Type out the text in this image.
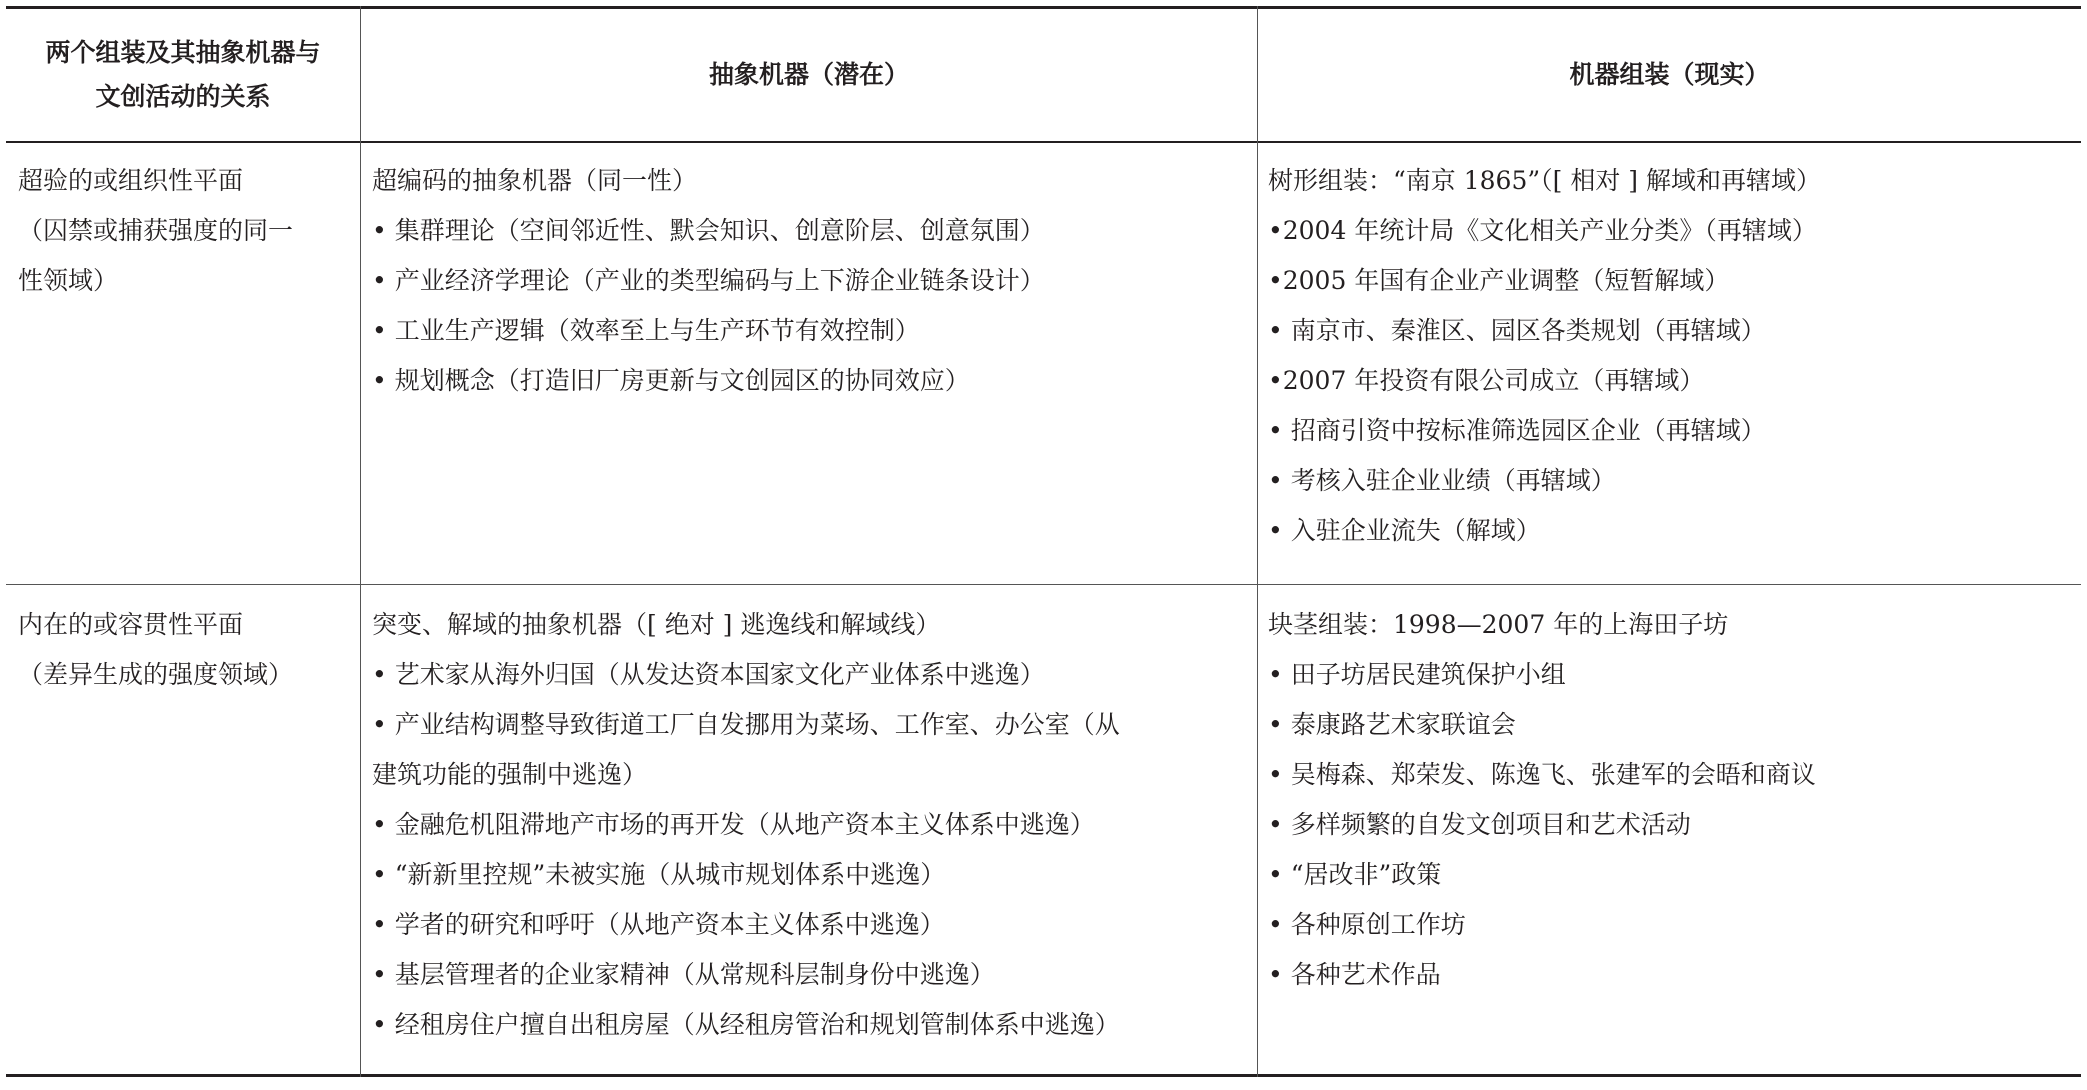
两个组装及其抽象机器与
文创活动的关系
抽象机器（潜在）	机器组装（现实）
超验的或组织性平面
（囚禁或捕获强度的同一
性领域）
超编码的抽象机器（同一性）
• 集群理论（空间邻近性、默会知识、创意阶层、创意氛围）
• 产业经济学理论（产业的类型编码与上下游企业链条设计）
• 工业生产逻辑（效率至上与生产环节有效控制）
• 规划概念（打造旧厂房更新与文创园区的协同效应）
树形组装：“南京 1865”（[ 相对 ] 解域和再辖域）
•2004 年统计局《文化相关产业分类》（再辖域）
•2005 年国有企业产业调整（短暂解域）
• 南京市、秦淮区、园区各类规划（再辖域）
•2007 年投资有限公司成立（再辖域）
• 招商引资中按标准筛选园区企业（再辖域）
• 考核入驻企业业绩（再辖域）
• 入驻企业流失（解域）
内在的或容贯性平面
（差异生成的强度领域）
突变、解域的抽象机器（[ 绝对 ] 逃逸线和解域线）
• 艺术家从海外归国（从发达资本国家文化产业体系中逃逸）
• 产业结构调整导致街道工厂自发挪用为菜场、工作室、办公室（从
建筑功能的强制中逃逸）
• 金融危机阻滞地产市场的再开发（从地产资本主义体系中逃逸）
• “新新里控规”未被实施（从城市规划体系中逃逸）
• 学者的研究和呼吁（从地产资本主义体系中逃逸）
• 基层管理者的企业家精神（从常规科层制身份中逃逸）
• 经租房住户擅自出租房屋（从经租房管治和规划管制体系中逃逸）
块茎组装：1998—2007 年的上海田子坊
• 田子坊居民建筑保护小组
• 泰康路艺术家联谊会
• 吴梅森、郑荣发、陈逸飞、张建军的会晤和商议
• 多样频繁的自发文创项目和艺术活动
• “居改非”政策
• 各种原创工作坊
• 各种艺术作品
